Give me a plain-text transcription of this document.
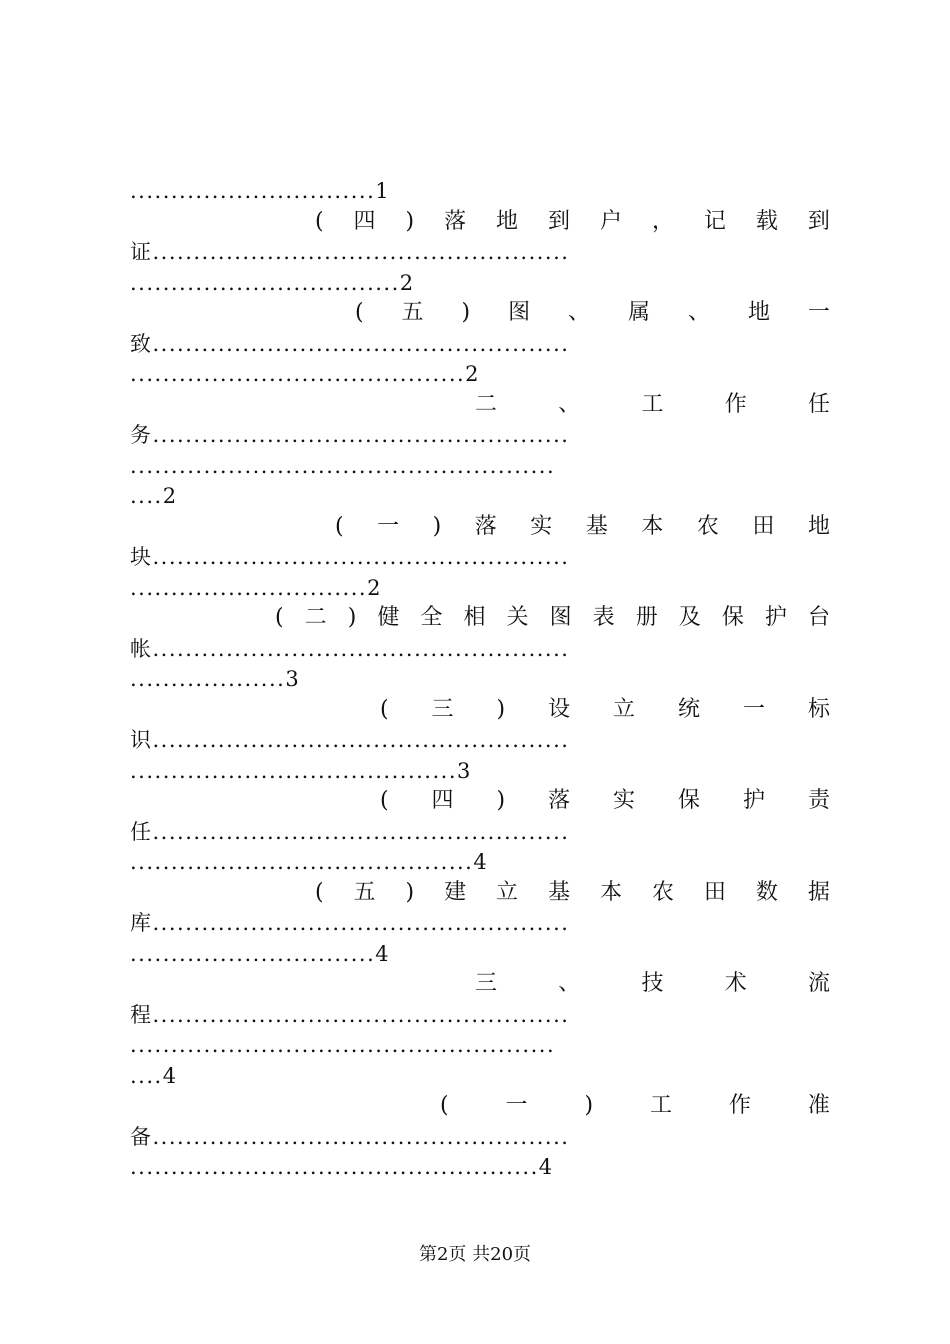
..............................1
( 四 ) 落 地 到 户 ， 记 载 到
证...................................................
.................................2
( 五 ) 图 、 属 、 地 一
致...................................................
.........................................2
二	、	工	作	任
务...................................................
....................................................
....2
( 一 ) 落 实 基 本 农 田 地
块...................................................
.............................2
( 二 ) 健 全 相 关 图 表 册 及 保 护 台
帐...................................................
...................3
( 三 ) 设 立 统 一 标
识...................................................
........................................3
( 四 ) 落 实 保 护 责
任...................................................
..........................................4
( 五 ) 建 立 基 本 农 田 数 据
库...................................................
..............................4
三	、	技	术	流
程...................................................
....................................................
....4
(	一	)	工	作	准
备...................................................
..................................................4
第2页 共20页
